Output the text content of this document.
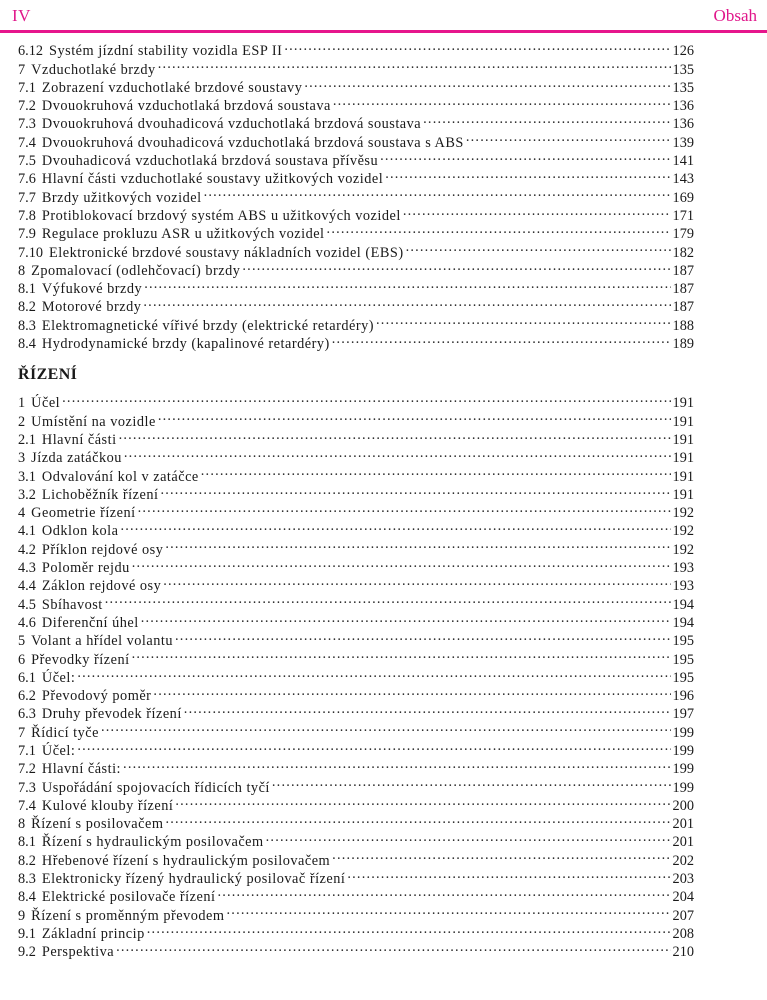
IV	Obsah
6.12 Systém jízdní stability vozidla ESP II .....	126
7 Vzduchotlaké brzdy .....	135
7.1 Zobrazení vzduchotlaké brzdové soustavy .....	135
7.2 Dvouokruhová vzduchotlaká brzdová soustava .....	136
7.3 Dvouokruhová dvouhadicová vzduchotlaká brzdová soustava .....	136
7.4 Dvouokruhová dvouhadicová vzduchotlaká brzdová soustava s ABS .....	139
7.5 Dvouhadicová vzduchotlaká brzdová soustava přívěsu .....	141
7.6 Hlavní části vzduchotlaké soustavy užitkových vozidel .....	143
7.7 Brzdy užitkových vozidel .....	169
7.8 Protiblokovací brzdový systém ABS u užitkových vozidel .....	171
7.9 Regulace prokluzu ASR u užitkových vozidel .....	179
7.10 Elektronické brzdové soustavy nákladních vozidel (EBS) .....	182
8 Zpomalovací (odlehčovací) brzdy .....	187
8.1 Výfukové brzdy .....	187
8.2 Motorové brzdy .....	187
8.3 Elektromagnetické vířivé brzdy (elektrické retardéry) .....	188
8.4 Hydrodynamické brzdy (kapalinové retardéry) .....	189
ŘÍZENÍ
1 Účel .....	191
2 Umístění na vozidle .....	191
2.1 Hlavní části .....	191
3 Jízda zatáčkou .....	191
3.1 Odvalování kol v zatáčce .....	191
3.2 Lichoběžník řízení .....	191
4 Geometrie řízení .....	192
4.1 Odklon kola .....	192
4.2 Příklon rejdové osy .....	192
4.3 Poloměr rejdu .....	193
4.4 Záklon rejdové osy .....	193
4.5 Sbíhavost .....	194
4.6 Diferenční úhel .....	194
5 Volant a hřídel volantu .....	195
6 Převodky řízení .....	195
6.1 Účel: .....	195
6.2 Převodový poměr .....	196
6.3 Druhy převodek řízení .....	197
7 Řídicí tyče .....	199
7.1 Účel: .....	199
7.2 Hlavní části: .....	199
7.3 Uspořádání spojovacích řídicích tyčí .....	199
7.4 Kulové klouby řízení .....	200
8 Řízení s posilovačem .....	201
8.1 Řízení s hydraulickým posilovačem .....	201
8.2 Hřebenové řízení s hydraulickým posilovačem .....	202
8.3 Elektronicky řízený hydraulický posilovač řízení .....	203
8.4 Elektrické posilovače řízení .....	204
9 Řízení s proměnným převodem .....	207
9.1 Základní princip .....	208
9.2 Perspektiva .....	210
